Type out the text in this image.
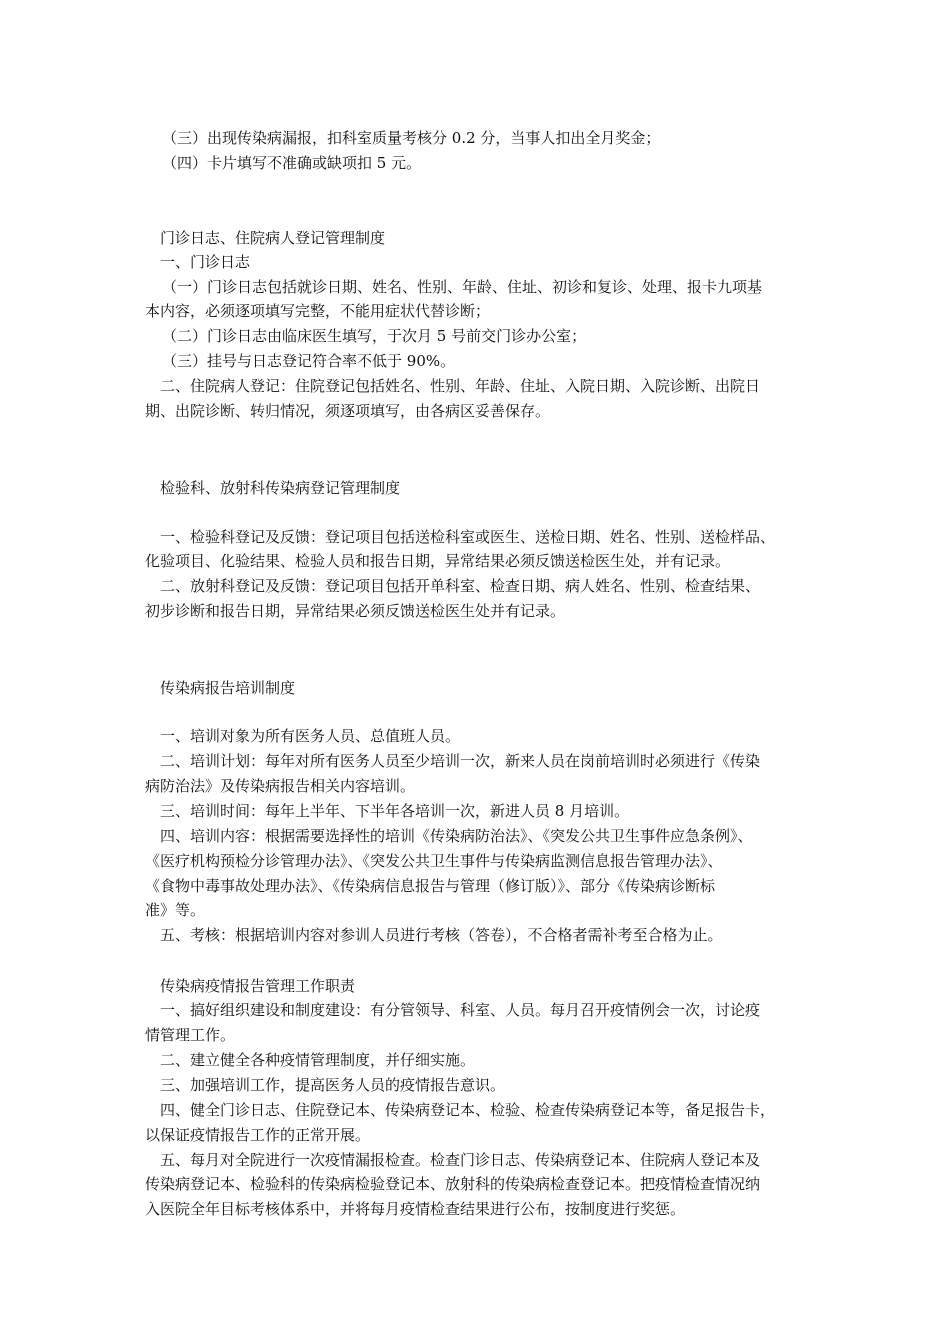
（三）出现传染病漏报，扣科室质量考核分 0.2 分，当事人扣出全月奖金；
（四）卡片填写不准确或缺项扣 5 元。
门诊日志、住院病人登记管理制度
一、门诊日志
（一）门诊日志包括就诊日期、姓名、性别、年龄、住址、初诊和复诊、处理、报卡九项基
本内容，必须逐项填写完整，不能用症状代替诊断；
（二）门诊日志由临床医生填写，于次月 5 号前交门诊办公室；
（三）挂号与日志登记符合率不低于 90%。
二、住院病人登记：住院登记包括姓名、性别、年龄、住址、入院日期、入院诊断、出院日
期、出院诊断、转归情况，须逐项填写，由各病区妥善保存。
检验科、放射科传染病登记管理制度
一、检验科登记及反馈：登记项目包括送检科室或医生、送检日期、姓名、性别、送检样品、
化验项目、化验结果、检验人员和报告日期，异常结果必须反馈送检医生处，并有记录。
二、放射科登记及反馈：登记项目包括开单科室、检查日期、病人姓名、性别、检查结果、
初步诊断和报告日期，异常结果必须反馈送检医生处并有记录。
传染病报告培训制度
一、培训对象为所有医务人员、总值班人员。
二、培训计划：每年对所有医务人员至少培训一次，新来人员在岗前培训时必须进行《传染
病防治法》及传染病报告相关内容培训。
三、培训时间：每年上半年、下半年各培训一次，新进人员 8 月培训。
四、培训内容：根据需要选择性的培训《传染病防治法》、《突发公共卫生事件应急条例》、
《医疗机构预检分诊管理办法》、《突发公共卫生事件与传染病监测信息报告管理办法》、
《食物中毒事故处理办法》、《传染病信息报告与管理（修订版）》、部分《传染病诊断标
准》等。
五、考核：根据培训内容对参训人员进行考核（答卷），不合格者需补考至合格为止。
传染病疫情报告管理工作职责
一、搞好组织建设和制度建设：有分管领导、科室、人员。每月召开疫情例会一次，讨论疫
情管理工作。
二、建立健全各种疫情管理制度，并仔细实施。
三、加强培训工作，提高医务人员的疫情报告意识。
四、健全门诊日志、住院登记本、传染病登记本、检验、检查传染病登记本等，备足报告卡，
以保证疫情报告工作的正常开展。
五、每月对全院进行一次疫情漏报检查。检查门诊日志、传染病登记本、住院病人登记本及
传染病登记本、检验科的传染病检验登记本、放射科的传染病检查登记本。把疫情检查情况纳
入医院全年目标考核体系中，并将每月疫情检查结果进行公布，按制度进行奖惩。
